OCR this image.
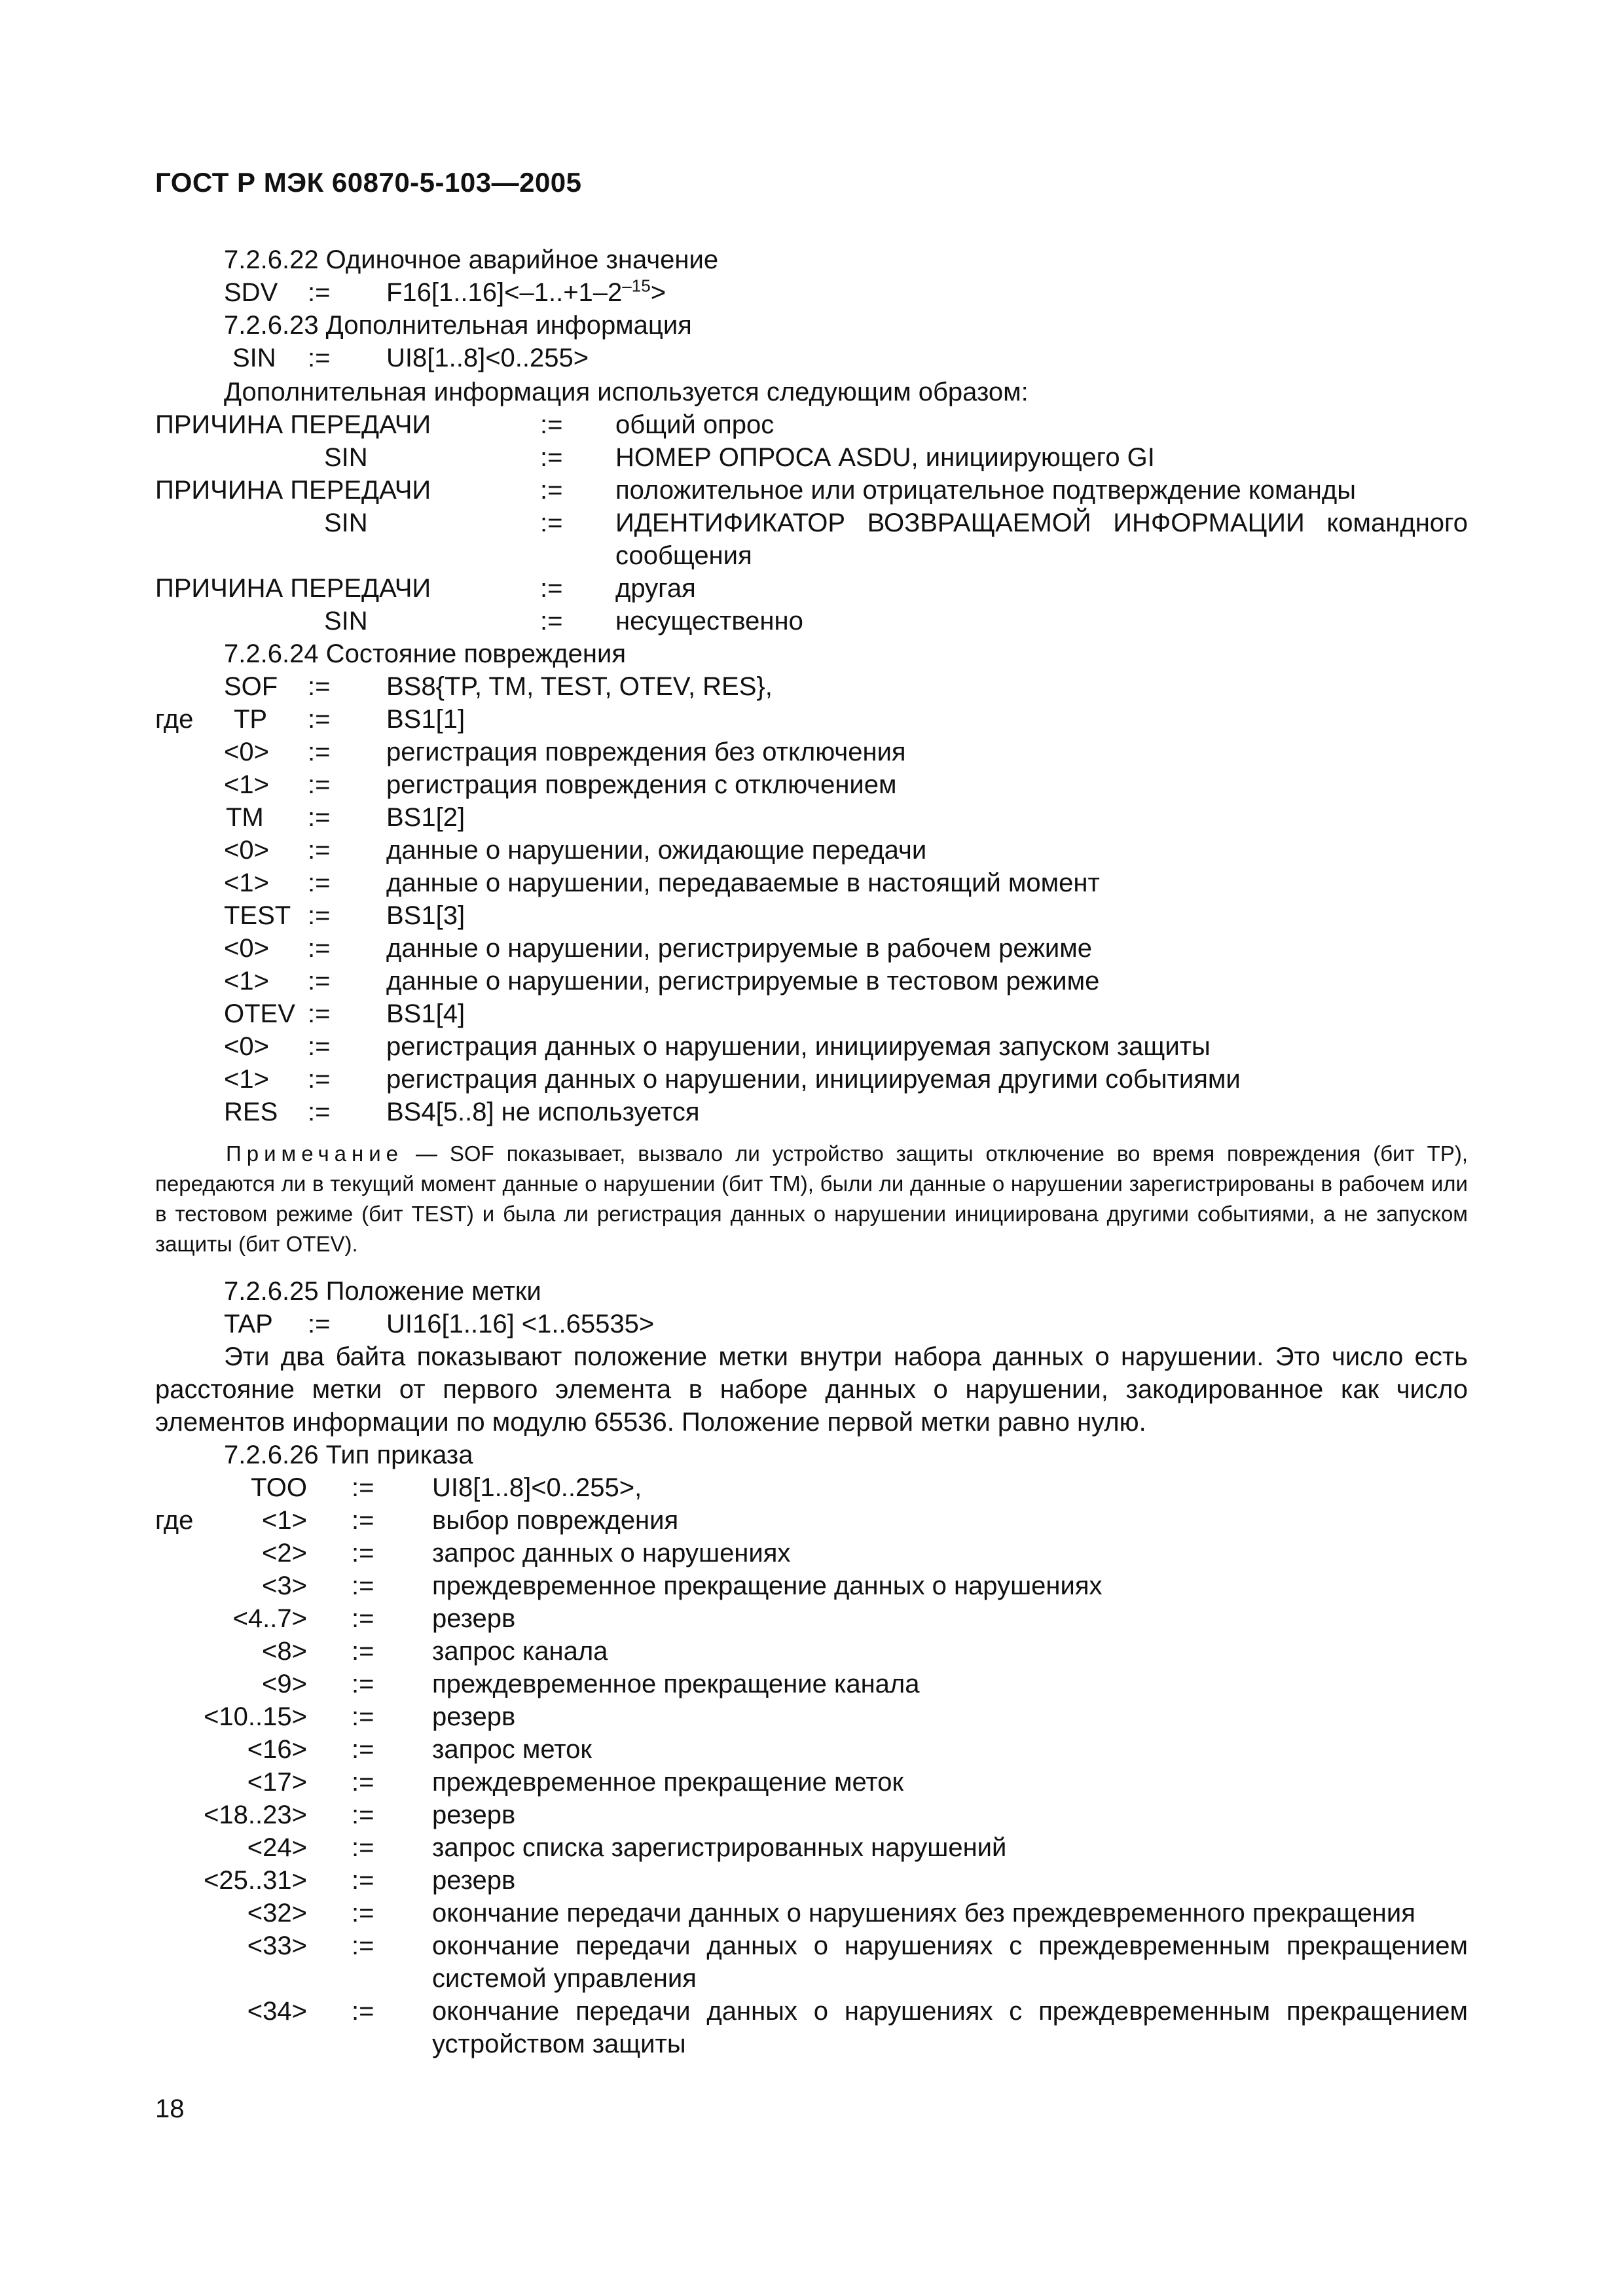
ГОСТ Р МЭК 60870-5-103—2005
7.2.6.22 Одиночное аварийное значение
SDV := $F16[1..16]<-1..+1-2^{-15}>$
7.2.6.23 Дополнительная информация
SIN := UI8[1..8]<0..255>
Дополнительная информация используется следующим образом:
ПРИЧИНА ПЕРЕДАЧИ	:= общий опрос
SIN	:= НОМЕР ОПРОСА ASDU, инициирующего GI
ПРИЧИНА ПЕРЕДАЧИ	:= положительное или отрицательное подтверждение команды
SIN	:= ИДЕНТИФИКАТОР ВОЗВРАЩАЕМОЙ ИНФОРМАЦИИ командного
сообщения
ПРИЧИНА ПЕРЕДАЧИ	:= другая
SIN	:= несущественно
7.2.6.24 Состояние повреждения
где
SOF := BS8{TP, TM, TEST, OTEV, RES},
TP := BS1[1]
<0> := регистрация повреждения без отключения
<1> := регистрация повреждения с отключением
TM := BS1[2]
<0> := данные о нарушении, ожидающие передачи
<1> := данные о нарушении, передаваемые в настоящий момент
TEST := BS1[3]
<0> := данные о нарушении, регистрируемые в рабочем режиме
<1> := данные о нарушении, регистрируемые в тестовом режиме
OTEV := BS1[4]
<0> := регистрация данных о нарушении, инициируемая запуском защиты
<1> := регистрация данных о нарушении, инициируемая другими событиями
RES := BS4[5..8] не используется

Примечание — SOF показывает, вызвало ли устройство защиты отключение во время повреждения (бит TP), передаются ли в текущий момент данные о нарушении (бит TM), были ли данные о нарушении зарегистрированы в рабочем или в тестовом режиме (бит TEST) и была ли регистрация данных о нарушении инициирована другими событиями, а не запуском защиты (бит OTEV).

7.2.6.25 Положение метки
TAP := UI16[1..16] <1..65535>

Эти два байта показывают положение метки внутри набора данных о нарушении. Это число есть расстояние метки от первого элемента в наборе данных о нарушении, закодированное как число элементов информации по модулю 65536. Положение первой метки равно нулю.

7.2.6.26 Тип приказа
где
TOO := UI8[1..8]<0..255>,
<1> := выбор повреждения
<2> := запрос данных о нарушениях
<3> := преждевременное прекращение данных о нарушениях
<4..7> := резерв
<8> := запрос канала
<9> := преждевременное прекращение канала
<10..15> := резерв
<16> := запрос меток
<17> := преждевременное прекращение меток
<18..23> := резерв
<24> := запрос списка зарегистрированных нарушений
<25..31> := резерв
<32> := окончание передачи данных о нарушениях без преждевременного прекращения
<33> := окончание передачи данных о нарушениях с преждевременным прекращением
системой управления
<34> := окончание передачи данных о нарушениях с преждевременным прекращением
устройством защиты
18
